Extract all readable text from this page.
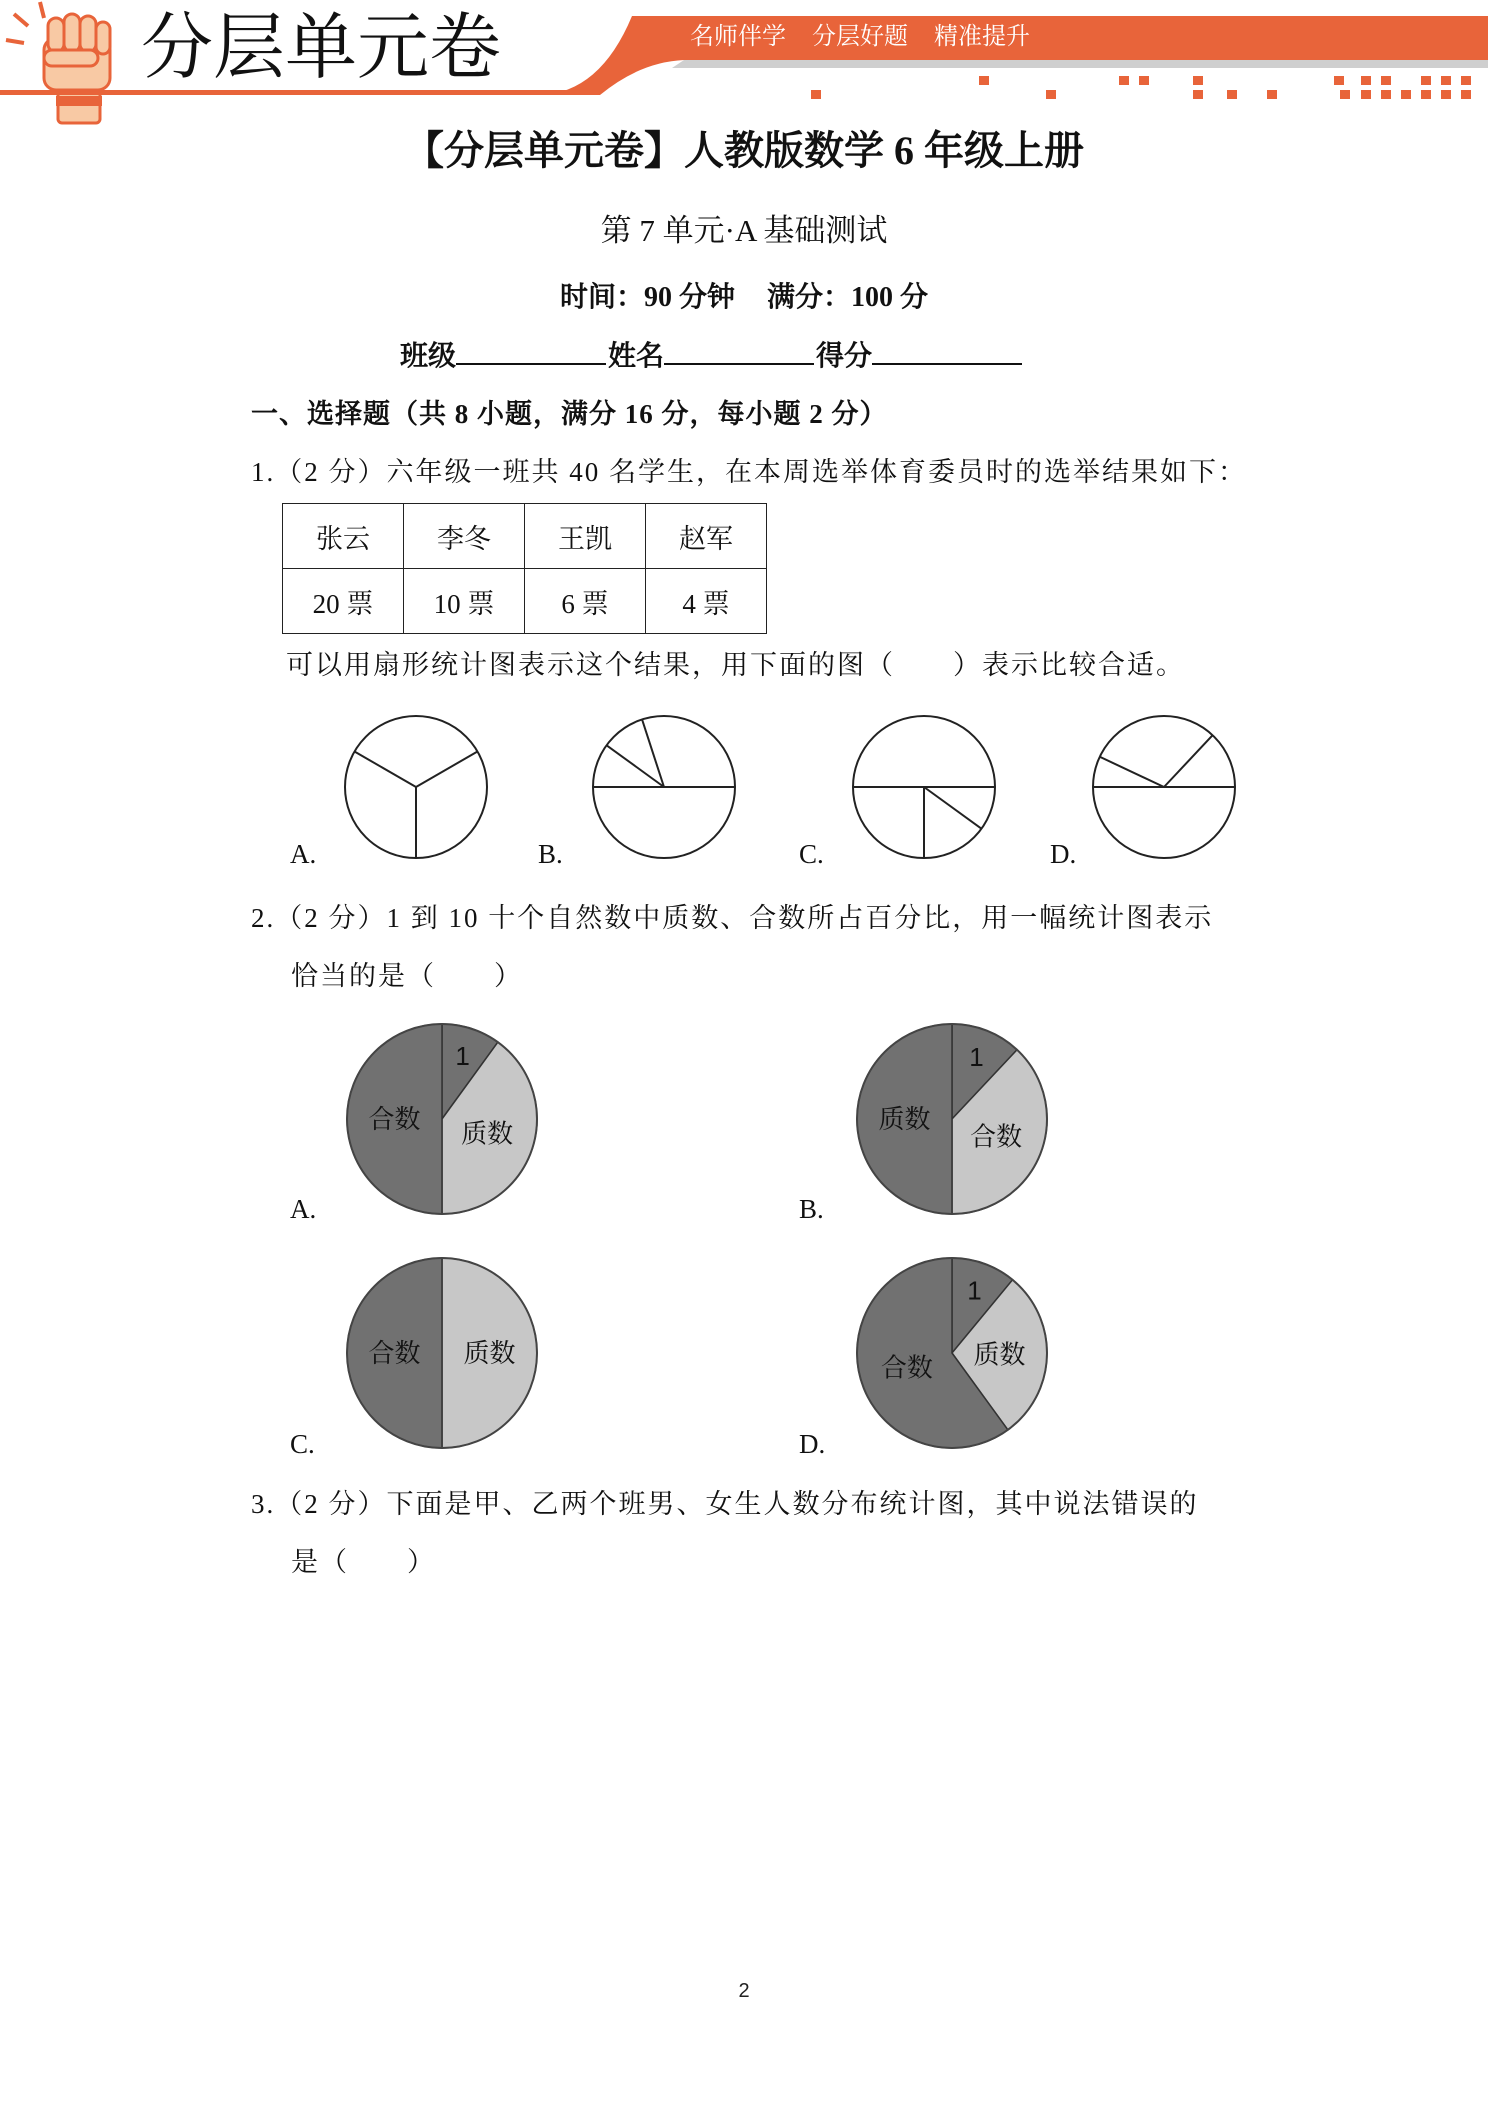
分层单元卷	名师伴学 分层好题 精准提升
【分层单元卷】人教版数学 6 年级上册
第 7 单元·A 基础测试
时间：90 分钟 满分：100 分
班级	姓名	得分
一、选择题（共 8 小题，满分 16 分，每小题 2 分）
1.（2 分）六年级一班共 40 名学生，在本周选举体育委员时的选举结果如下：
张云	李冬	王凯	赵军
20 票	10 票	6 票	4 票
可以用扇形统计图表示这个结果，用下面的图（　　）表示比较合适。
A.	B.	C.	D.
2.（2 分）1 到 10 十个自然数中质数、合数所占百分比，用一幅统计图表示
恰当的是（　　）
1
质数
合数
1
合数
质数
质数
合数
1
质数
合数
A.	B.
C.	D.
3.（2 分）下面是甲、乙两个班男、女生人数分布统计图，其中说法错误的
是（　　）
2
